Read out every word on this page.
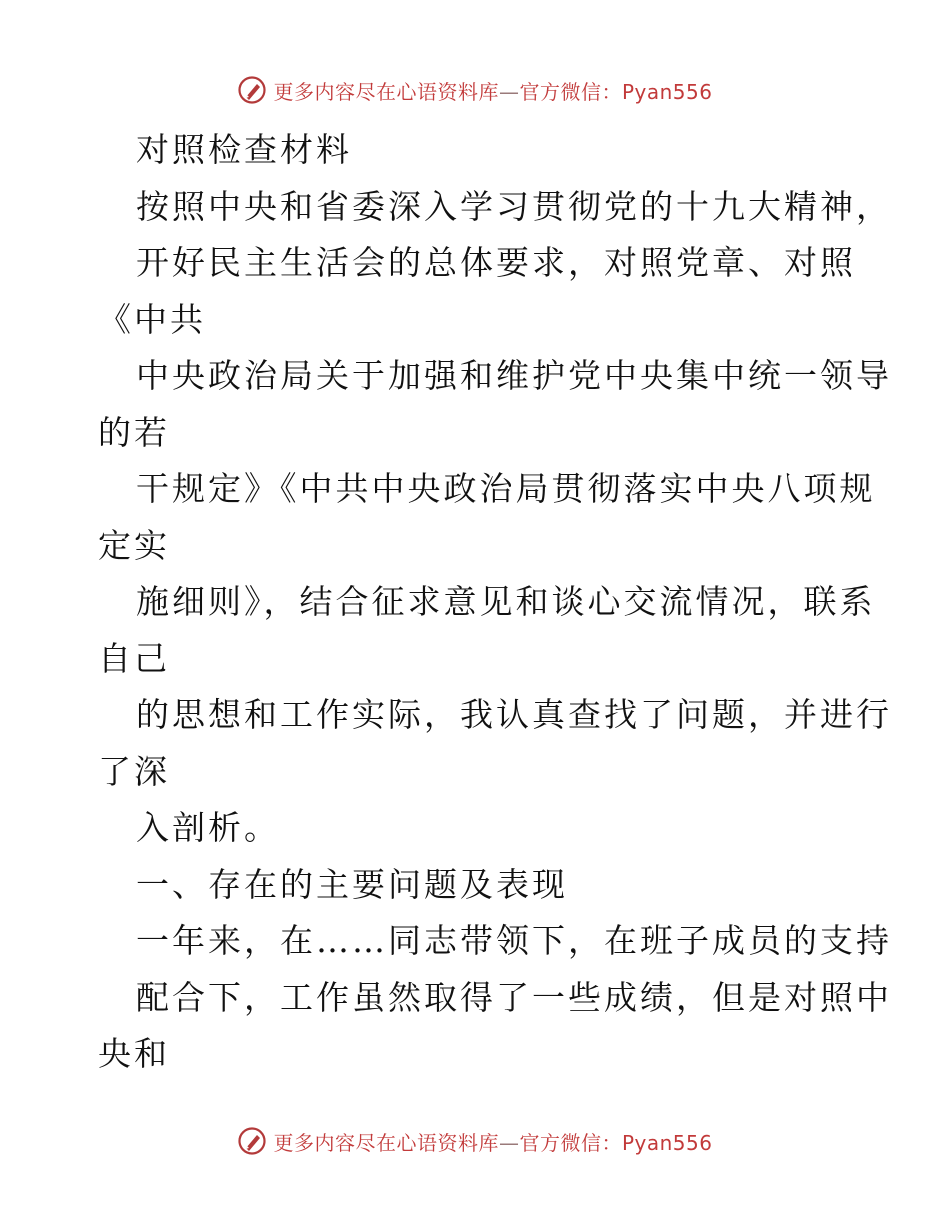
更多内容尽在心语资料库—官方微信：Pyan556
对照检查材料
按照中央和省委深入学习贯彻党的十九大精神，
开好民主生活会的总体要求，对照党章、对照
《中共
中央政治局关于加强和维护党中央集中统一领导
的若
干规定》《中共中央政治局贯彻落实中央八项规
定实
施细则》，结合征求意见和谈心交流情况，联系
自己
的思想和工作实际，我认真查找了问题，并进行
了深
入剖析。
一、存在的主要问题及表现
一年来，在……同志带领下，在班子成员的支持
配合下，工作虽然取得了一些成绩，但是对照中
央和
更多内容尽在心语资料库—官方微信：Pyan556
